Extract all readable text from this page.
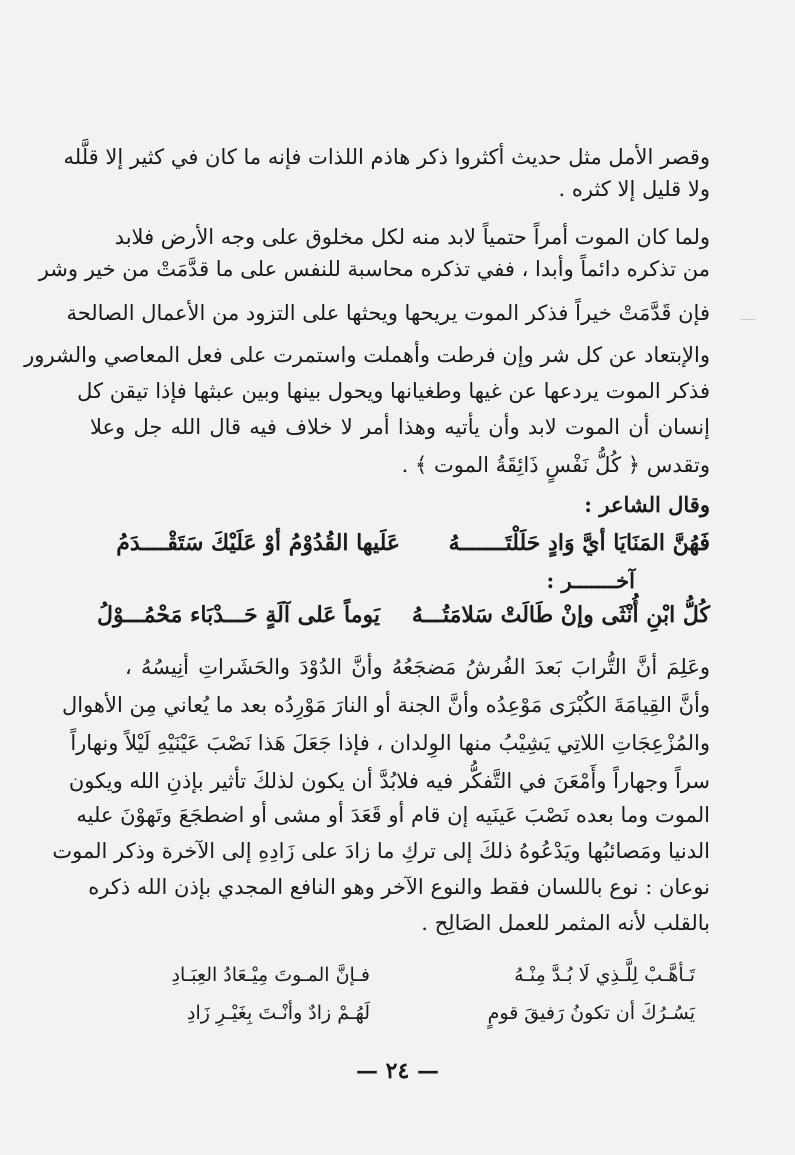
وقصر الأمل مثل حديث أكثروا ذكر هاذم اللذات فإنه ما كان في كثير إلا قلَّله
ولا قليل إلا كثره .
ولما كان الموت أمراً حتمياً لابد منه لكل مخلوق على وجه الأرض فلابد
من تذكره دائماً وأبدا ، ففي تذكره محاسبة للنفس على ما قدَّمَتْ من خير وشر
فإن قَدَّمَتْ خيراً فذكر الموت يريحها ويحثها على التزود من الأعمال الصالحة
والإبتعاد عن كل شر وإن فرطت وأهملت واستمرت على فعل المعاصي والشرور
فذكر الموت يردعها عن غيها وطغيانها ويحول بينها وبين عبثها فإذا تيقن كل
إنسان أن الموت لابد وأن يأتيه وهذا أمر لا خلاف فيه قال الله جل وعلا
وتقدس ﴿ كُلُّ نَفْسٍ ذَائِقَةُ الموت ﴾ .
وقال الشاعر :
فَهُنَّ المَنَايَا أيَّ وَادٍ حَلَلْتَـــــــهُ
عَلَيها القُدُوْمُ أوْ عَلَيْكَ سَتَقْــــدَمُ
آخـــــــر :
كُلُّ ابْنِ أُنْثَى وإنْ طَالَتْ سَلامَتُـــهُ
يَوماً عَلى آلَةٍ حَـــدْبَاء مَحْمُـــوْلُ
وعَلِمَ أنَّ التُّرابَ بَعدَ الفُرشُ مَضجَعُهُ وأنَّ الدُوْدَ والحَشَراتِ أنِيسُهُ ،
وأنَّ القِيامَةَ الكُبْرَى مَوْعِدُه وأنَّ الجنة أو النارَ مَوْرِدُه بعد ما يُعاني مِن الأهوال
والمُزْعِجَاتِ اللاتِي يَشِيْبُ منها الوِلدان ، فإذا جَعَلَ هَذا نَصْبَ عَيْنَيْهِ لَيْلاً ونهاراً
سراً وجهاراً وأَمْعَنَ في التَّفكُّر فيه فلابُدَّ أن يكون لذلكَ تأثير بإذنِ الله ويكون
الموت وما بعده نَصْبَ عَينَيه إن قام أو قَعَدَ أو مشى أو اضطجَعَ وتَهوْنَ عليه
الدنيا ومَصائبُها ويَدْعُوهُ ذلكَ إلى تركِ ما زادَ على زَادِهِ إلى الآخرة وذكر الموت
نوعان : نوع باللسان فقط والنوع الآخر وهو النافع المجدي بإذن الله ذكره
بالقلب لأنه المثمر للعمل الصَالِح .
تَـأهَّـبْ لِلَّـذِي لَا بُـدَّ مِنْـهُ
فـإنَّ المـوتَ مِيْـعَادُ العِبَـادِ
يَسُـرُكَ أن تكونُ رَفيقَ قومٍ
لَهُـمْ زادٌ وأنْـتَ بِغَيْـرِ زَادِ
— ٢٤ —
